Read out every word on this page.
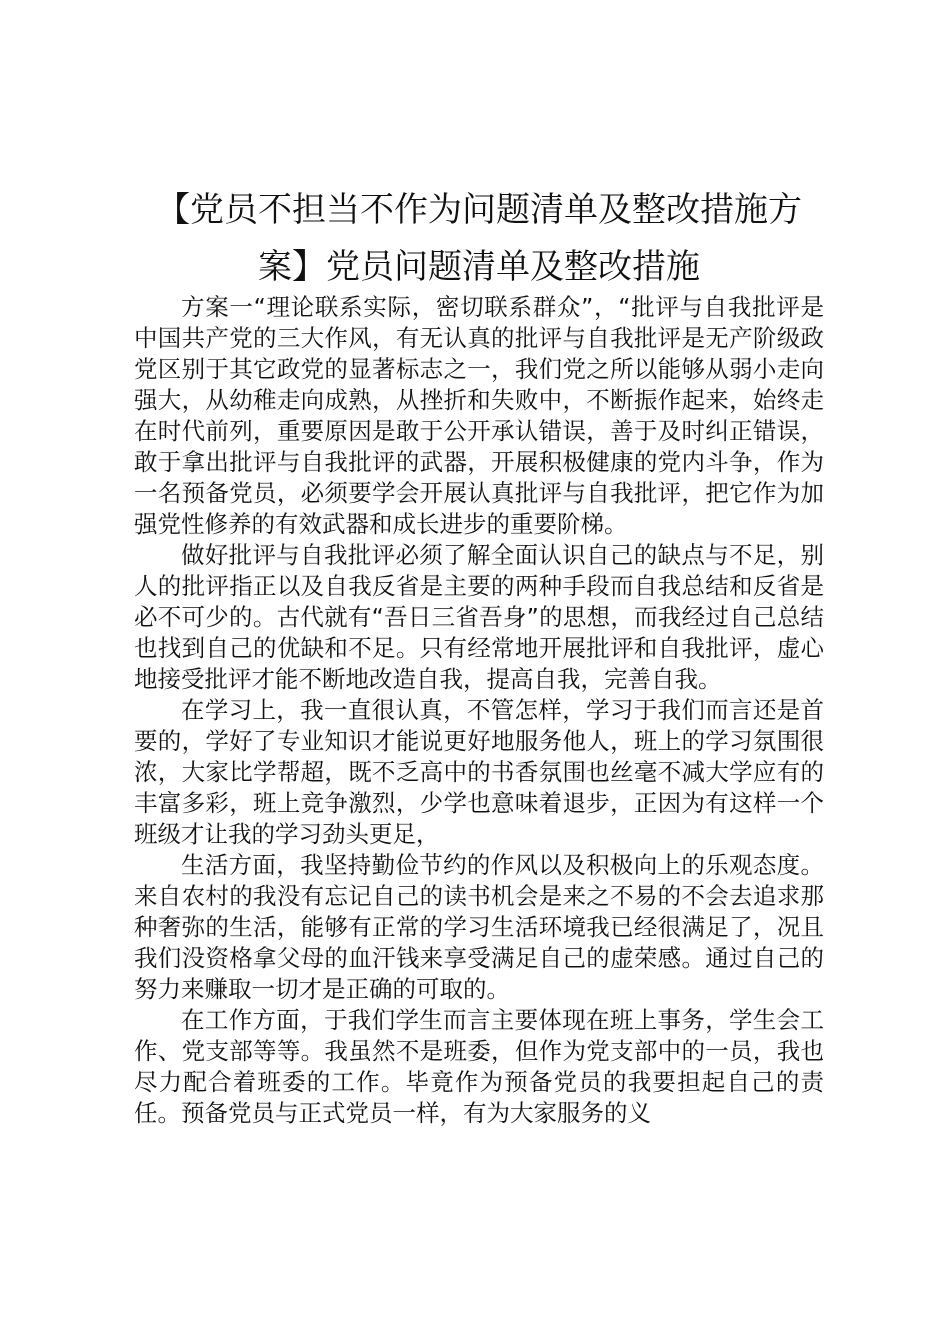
【党员不担当不作为问题清单及整改措施方案】党员问题清单及整改措施

方案一“理论联系实际，密切联系群众”，“批评与自我批评是中国共产党的三大作风，有无认真的批评与自我批评是无产阶级政党区别于其它政党的显著标志之一，我们党之所以能够从弱小走向强大，从幼稚走向成熟，从挫折和失败中，不断振作起来，始终走在时代前列，重要原因是敢于公开承认错误，善于及时纠正错误，敢于拿出批评与自我批评的武器，开展积极健康的党内斗争，作为一名预备党员，必须要学会开展认真批评与自我批评，把它作为加强党性修养的有效武器和成长进步的重要阶梯。

做好批评与自我批评必须了解全面认识自己的缺点与不足，别人的批评指正以及自我反省是主要的两种手段而自我总结和反省是必不可少的。古代就有“吾日三省吾身”的思想，而我经过自己总结也找到自己的优缺和不足。只有经常地开展批评和自我批评，虚心地接受批评才能不断地改造自我，提高自我，完善自我。

在学习上，我一直很认真，不管怎样，学习于我们而言还是首要的，学好了专业知识才能说更好地服务他人，班上的学习氛围很浓，大家比学帮超，既不乏高中的书香氛围也丝毫不减大学应有的丰富多彩，班上竞争激烈，少学也意味着退步，正因为有这样一个班级才让我的学习劲头更足，

生活方面，我坚持勤俭节约的作风以及积极向上的乐观态度。来自农村的我没有忘记自己的读书机会是来之不易的不会去追求那种奢弥的生活，能够有正常的学习生活环境我已经很满足了，况且我们没资格拿父母的血汗钱来享受满足自己的虚荣感。通过自己的努力来赚取一切才是正确的可取的。

在工作方面，于我们学生而言主要体现在班上事务，学生会工作、党支部等等。我虽然不是班委，但作为党支部中的一员，我也尽力配合着班委的工作。毕竟作为预备党员的我要担起自己的责任。预备党员与正式党员一样，有为大家服务的义
